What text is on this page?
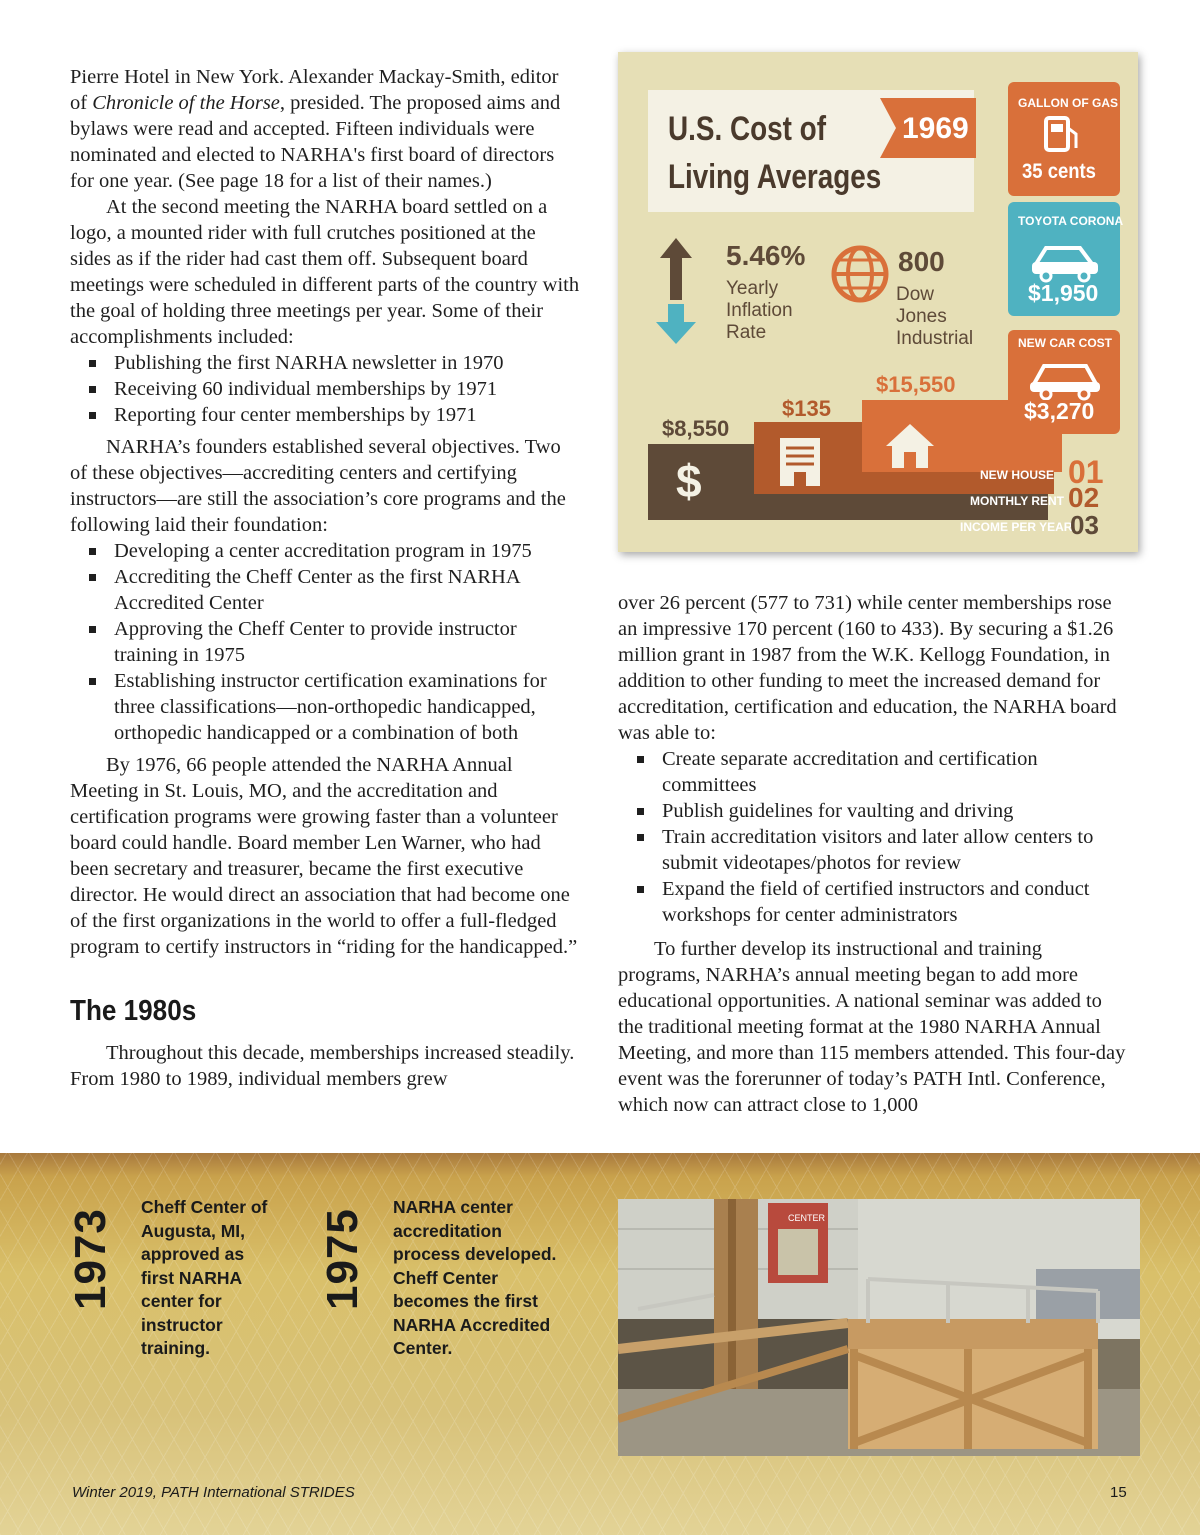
Pierre Hotel in New York. Alexander Mackay-Smith, editor of Chronicle of the Horse, presided. The proposed aims and bylaws were read and accepted. Fifteen individuals were nominated and elected to NARHA's first board of directors for one year. (See page 18 for a list of their names.)

At the second meeting the NARHA board settled on a logo, a mounted rider with full crutches positioned at the sides as if the rider had cast them off. Subsequent board meetings were scheduled in different parts of the country with the goal of holding three meetings per year. Some of their accomplishments included:

Publishing the first NARHA newsletter in 1970
Receiving 60 individual memberships by 1971
Reporting four center memberships by 1971

NARHA’s founders established several objectives. Two of these objectives—accrediting centers and certifying instructors—are still the association’s core programs and the following laid their foundation:

Developing a center accreditation program in 1975
Accrediting the Cheff Center as the first NARHA Accredited Center
Approving the Cheff Center to provide instructor training in 1975
Establishing instructor certification examinations for three classifications—non-orthopedic handicapped, orthopedic handicapped or a combination of both

By 1976, 66 people attended the NARHA Annual Meeting in St. Louis, MO, and the accreditation and certification programs were growing faster than a volunteer board could handle. Board member Len Warner, who had been secretary and treasurer, became the first executive director. He would direct an association that had become one of the first organizations in the world to offer a full-fledged program to certify instructors in “riding for the handicapped.”

The 1980s

Throughout this decade, memberships increased steadily. From 1980 to 1989, individual members grew

U.S. Cost of
Living Averages
1969
GALLON OF GAS
35 cents
TOYOTA CORONA
$1,950
NEW CAR COST
$3,270
5.46%
Yearly
Inflation
Rate
800
Dow
Jones
Industrial
$8,550
$135
$15,550
$	NEW HOUSE 01
MONTHLY RENT 02
INCOME PER YEAR
03

over 26 percent (577 to 731) while center memberships rose an impressive 170 percent (160 to 433). By securing a $1.26 million grant in 1987 from the W.K. Kellogg Foundation, in addition to other funding to meet the increased demand for accreditation, certification and education, the NARHA board was able to:

Create separate accreditation and certification committees
Publish guidelines for vaulting and driving
Train accreditation visitors and later allow centers to submit videotapes/photos for review
Expand the field of certified instructors and conduct workshops for center administrators

To further develop its instructional and training programs, NARHA’s annual meeting began to add more educational opportunities. A national seminar was added to the traditional meeting format at the 1980 NARHA Annual Meeting, and more than 115 members attended. This four-day event was the forerunner of today’s PATH Intl. Conference, which now can attract close to 1,000

1973
Cheff Center of
Augusta, MI,
approved as
first NARHA
center for
instructor
training.
1975
NARHA center
accreditation
process developed.
Cheff Center
becomes the first
NARHA Accredited
Center.
CENTER
Winter 2019, PATH International STRIDES	15
